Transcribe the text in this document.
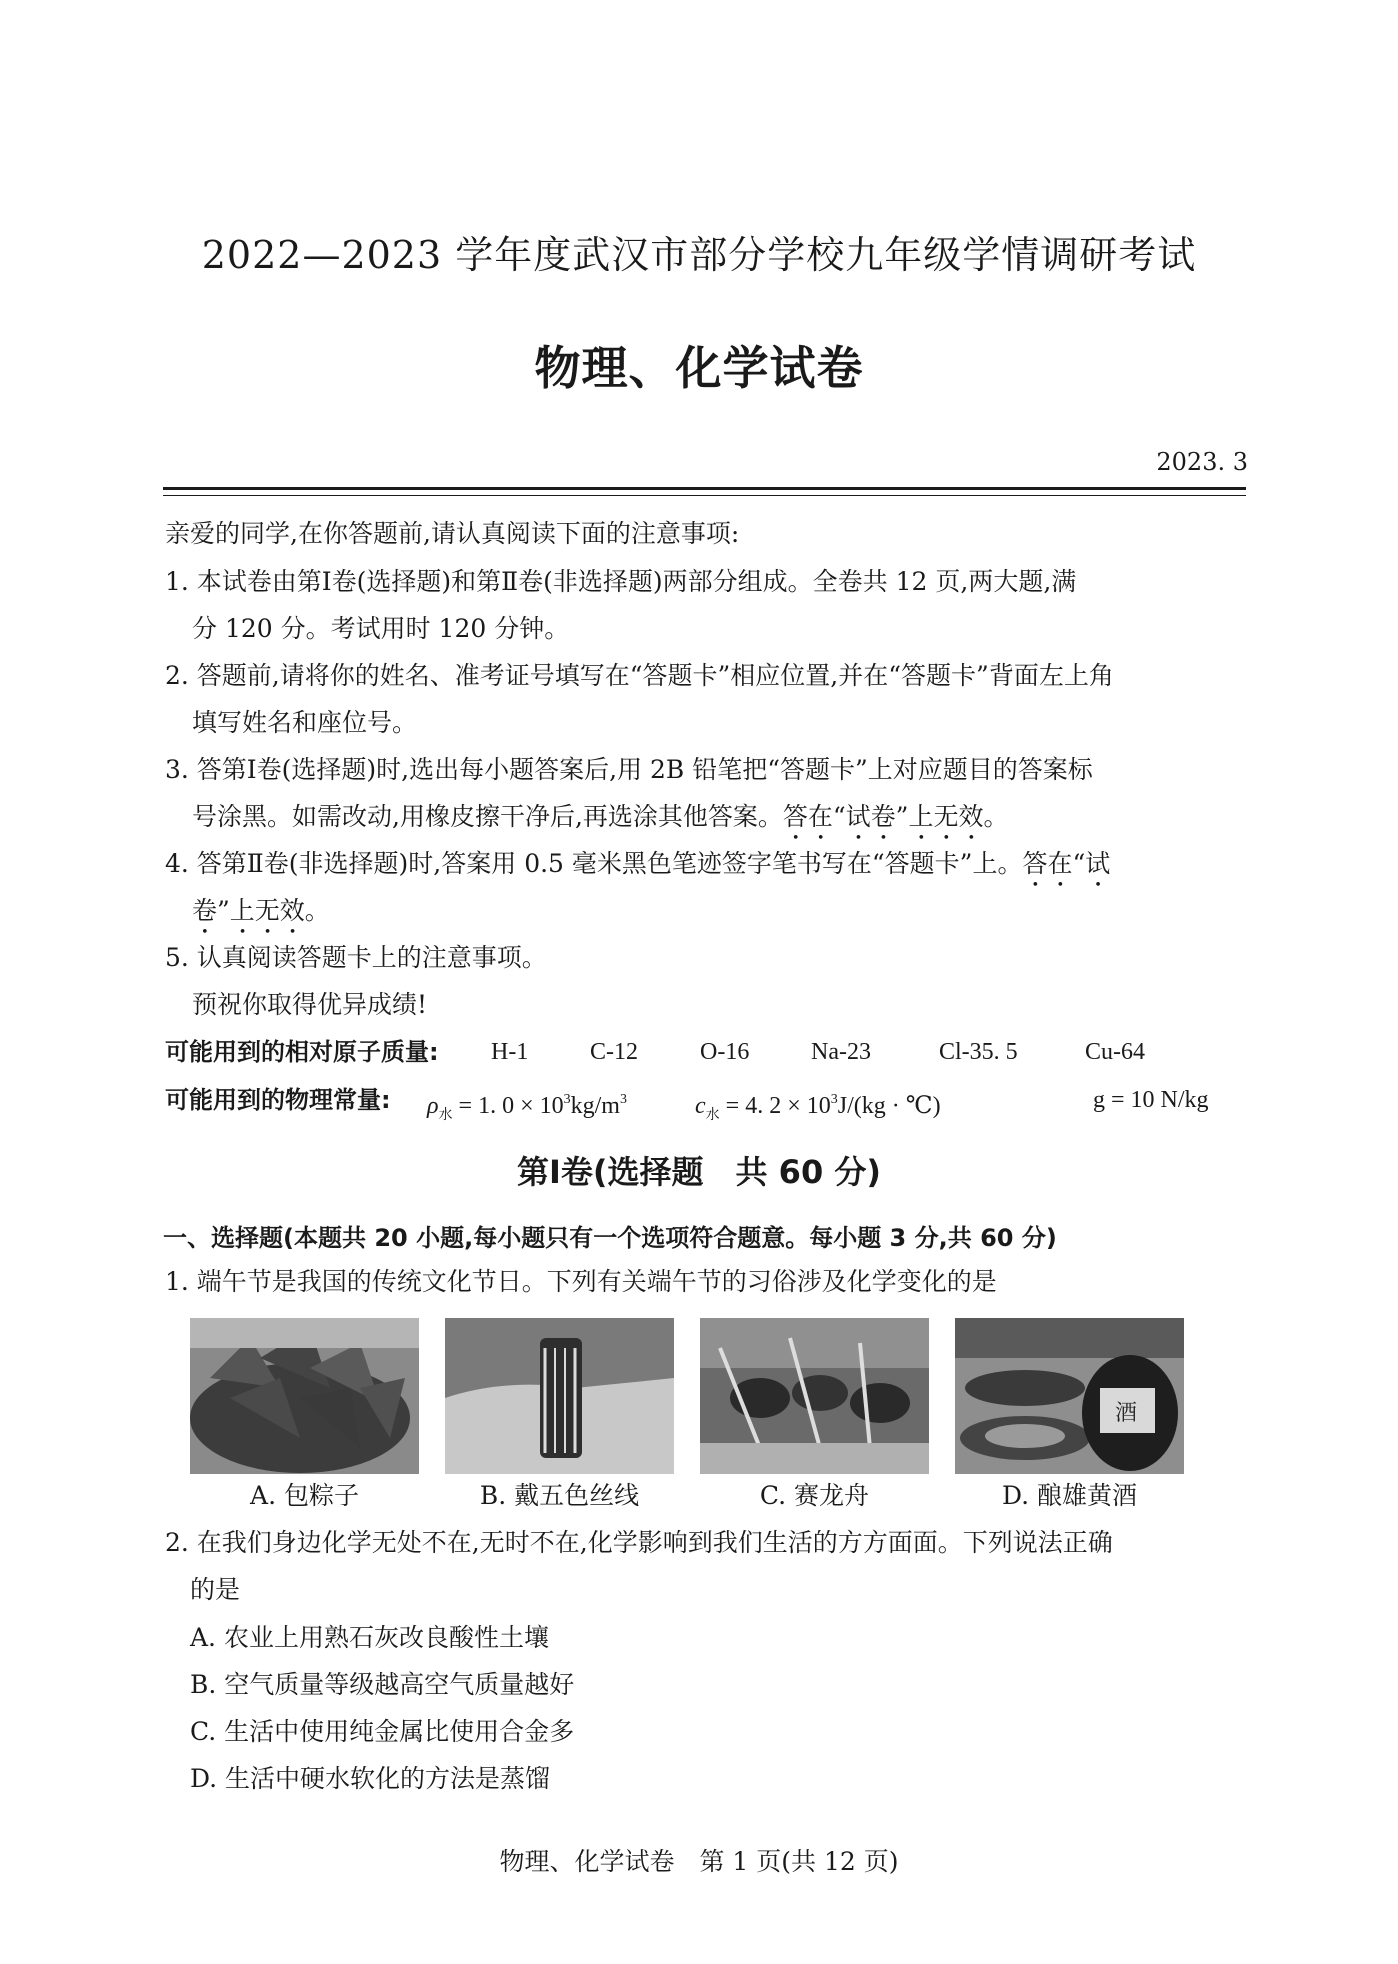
2022—2023 学年度武汉市部分学校九年级学情调研考试
物理、化学试卷
2023. 3
亲爱的同学,在你答题前,请认真阅读下面的注意事项:
1. 本试卷由第Ⅰ卷(选择题)和第Ⅱ卷(非选择题)两部分组成。全卷共 12 页,两大题,满
分 120 分。考试用时 120 分钟。
2. 答题前,请将你的姓名、准考证号填写在“答题卡”相应位置,并在“答题卡”背面左上角
填写姓名和座位号。
3. 答第Ⅰ卷(选择题)时,选出每小题答案后,用 2B 铅笔把“答题卡”上对应题目的答案标
号涂黑。如需改动,用橡皮擦干净后,再选涂其他答案。答在“试卷”上无效。
4. 答第Ⅱ卷(非选择题)时,答案用 0.5 毫米黑色笔迹签字笔书写在“答题卡”上。答在“试
卷”上无效。
5. 认真阅读答题卡上的注意事项。
预祝你取得优异成绩!
可能用到的相对原子质量: H-1	C-12	O-16	Na-23	Cl-35. 5	Cu-64
可能用到的物理常量: $\rho_水 = 1$. $0 \times 10^3kg/m^3$	$c_水 = 4$. $2 \times 10^3J/(kg$ · ℃)	g = 10 N/kg
第Ⅰ卷(选择题　共 60 分)
一、选择题(本题共 20 小题,每小题只有一个选项符合题意。每小题 3 分,共 60 分)
1. 端午节是我国的传统文化节日。下列有关端午节的习俗涉及化学变化的是
酒
A. 包粽子	B. 戴五色丝线	C. 赛龙舟	D. 酿雄黄酒
2. 在我们身边化学无处不在,无时不在,化学影响到我们生活的方方面面。下列说法正确
的是
A. 农业上用熟石灰改良酸性土壤
B. 空气质量等级越高空气质量越好
C. 生活中使用纯金属比使用合金多
D. 生活中硬水软化的方法是蒸馏
物理、化学试卷　第 1 页(共 12 页)
